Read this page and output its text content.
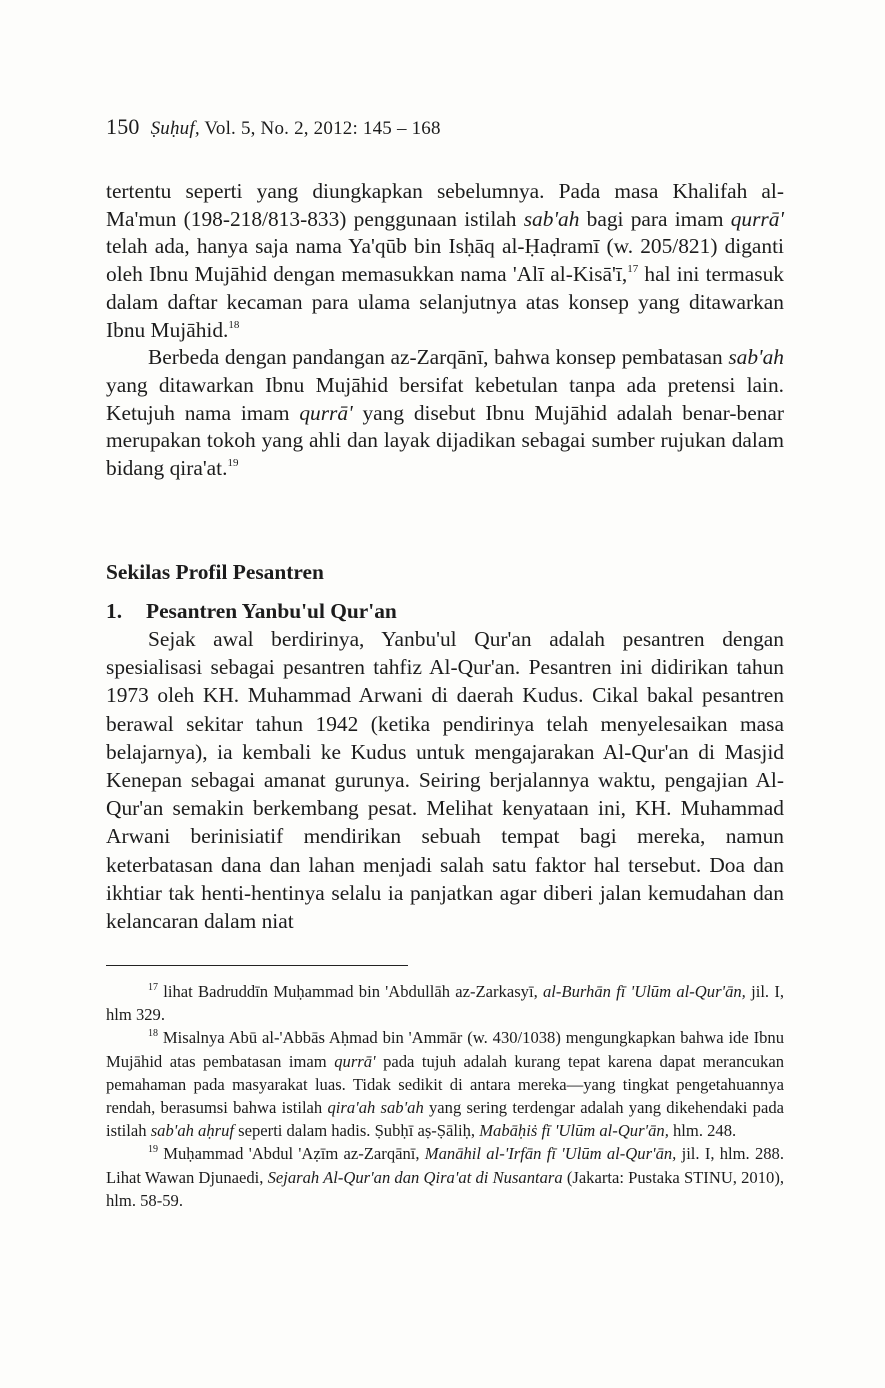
150 Ṣuḥuf, Vol. 5, No. 2, 2012: 145 – 168

tertentu seperti yang diungkapkan sebelumnya. Pada masa Khalifah al-Ma'mun (198-218/813-833) penggunaan istilah sab'ah bagi para imam qurrā' telah ada, hanya saja nama Ya'qūb bin Isḥāq al-Ḥaḍramī (w. 205/821) diganti oleh Ibnu Mujāhid dengan memasukkan nama 'Alī al-Kisā'ī,$^{17}$ hal ini termasuk dalam daftar kecaman para ulama selanjutnya atas konsep yang ditawarkan Ibnu Mujāhid.$^{18}$

Berbeda dengan pandangan az-Zarqānī, bahwa konsep pembatasan sab'ah yang ditawarkan Ibnu Mujāhid bersifat kebetulan tanpa ada pretensi lain. Ketujuh nama imam qurrā' yang disebut Ibnu Mujāhid adalah benar-benar merupakan tokoh yang ahli dan layak dijadikan sebagai sumber rujukan dalam bidang qira'at.$^{19}$

Sekilas Profil Pesantren
1. Pesantren Yanbu'ul Qur'an

Sejak awal berdirinya, Yanbu'ul Qur'an adalah pesantren dengan spesialisasi sebagai pesantren tahfiz Al-Qur'an. Pesantren ini didirikan tahun 1973 oleh KH. Muhammad Arwani di daerah Kudus. Cikal bakal pesantren berawal sekitar tahun 1942 (ketika pendirinya telah menyelesaikan masa belajarnya), ia kembali ke Kudus untuk mengajarakan Al-Qur'an di Masjid Kenepan sebagai amanat gurunya. Seiring berjalannya waktu, pengajian Al-Qur'an semakin berkembang pesat. Melihat kenyataan ini, KH. Muhammad Arwani berinisiatif mendirikan sebuah tempat bagi mereka, namun keterbatasan dana dan lahan menjadi salah satu faktor hal tersebut. Doa dan ikhtiar tak henti-hentinya selalu ia panjatkan agar diberi jalan kemudahan dan kelancaran dalam niat

$^{17}$ lihat Badruddīn Muḥammad bin 'Abdullāh az-Zarkasyī, al-Burhān fī 'Ulūm al-Qur'ān, jil. I, hlm 329.

$^{18}$ Misalnya Abū al-'Abbās Aḥmad bin 'Ammār (w. 430/1038) mengungkapkan bahwa ide Ibnu Mujāhid atas pembatasan imam qurrā' pada tujuh adalah kurang tepat karena dapat merancukan pemahaman pada masyarakat luas. Tidak sedikit di antara mereka—yang tingkat pengetahuannya rendah, berasumsi bahwa istilah qira'ah sab'ah yang sering terdengar adalah yang dikehendaki pada istilah sab'ah aḥruf seperti dalam hadis. Ṣubḥī aṣ-Ṣāliḥ, Mabāḥiṡ fī 'Ulūm al-Qur'ān, hlm. 248.

$^{19}$ Muḥammad 'Abdul 'Aẓīm az-Zarqānī, Manāhil al-'Irfān fī 'Ulūm al-Qur'ān, jil. I, hlm. 288. Lihat Wawan Djunaedi, Sejarah Al-Qur'an dan Qira'at di Nusantara (Jakarta: Pustaka STINU, 2010), hlm. 58-59.
